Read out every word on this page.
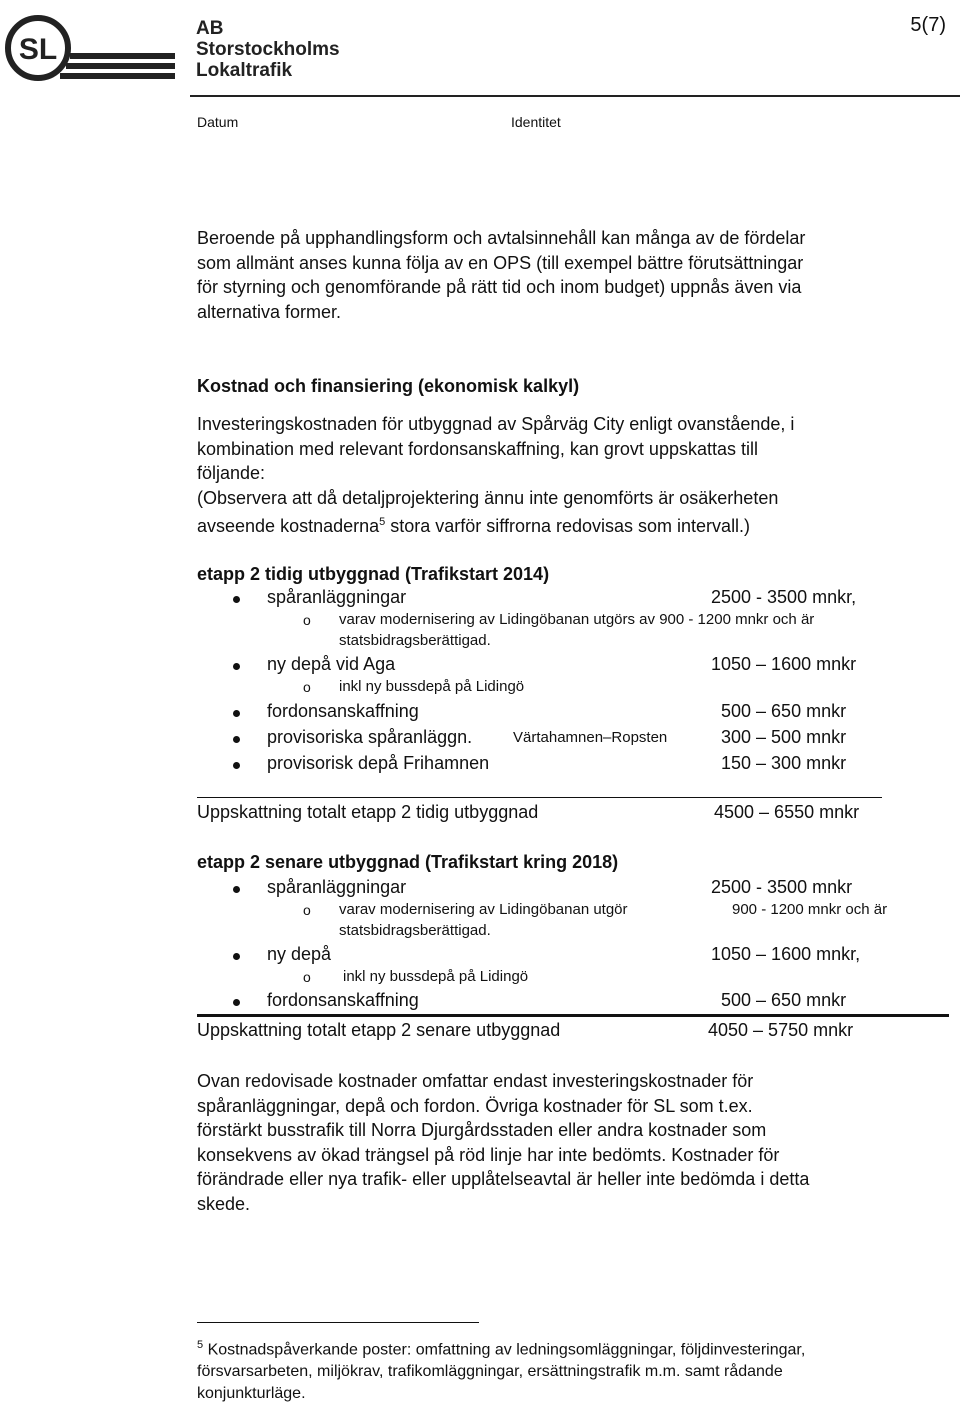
SL
AB
Storstockholms
Lokaltrafik
5(7)
Datum	Identitet
Beroende på upphandlingsform och avtalsinnehåll kan många av de fördelar
som allmänt anses kunna följa av en OPS (till exempel bättre förutsättningar
för styrning och genomförande på rätt tid och inom budget) uppnås även via
alternativa former.
Kostnad och finansiering (ekonomisk kalkyl)
Investeringskostnaden för utbyggnad av Spårväg City enligt ovanstående, i
kombination med relevant fordonsanskaffning, kan grovt uppskattas till
följande:
(Observera att då detaljprojektering ännu inte genomförts är osäkerheten
avseende kostnaderna$^5$ stora varför siffrorna redovisas som intervall.)
etapp 2 tidig utbyggnad (Trafikstart 2014)
spåranläggningar	2500 - 3500 mnkr,
o varav modernisering av Lidingöbanan utgörs av 900 - 1200 mnkr och är
statsbidragsberättigad.
ny depå vid Aga	1050 – 1600 mnkr
o inkl ny bussdepå på Lidingö
fordonsanskaffning	500 – 650 mnkr
provisoriska spåranläggn.	Värtahamnen–Ropsten	300 – 500 mnkr
provisorisk depå Frihamnen	150 – 300 mnkr
Uppskattning totalt etapp 2 tidig utbyggnad	4500 – 6550 mnkr
etapp 2 senare utbyggnad (Trafikstart kring 2018)
spåranläggningar	2500 - 3500 mnkr
o varav modernisering av Lidingöbanan utgör	900 - 1200 mnkr och är
statsbidragsberättigad.
ny depå	1050 – 1600 mnkr,
o inkl ny bussdepå på Lidingö
fordonsanskaffning	500 – 650 mnkr
Uppskattning totalt etapp 2 senare utbyggnad	4050 – 5750 mnkr
Ovan redovisade kostnader omfattar endast investeringskostnader för
spåranläggningar, depå och fordon. Övriga kostnader för SL som t.ex.
förstärkt busstrafik till Norra Djurgårdsstaden eller andra kostnader som
konsekvens av ökad trängsel på röd linje har inte bedömts. Kostnader för
förändrade eller nya trafik- eller upplåtelseavtal är heller inte bedömda i detta
skede.
$^5$ Kostnadspåverkande poster: omfattning av ledningsomläggningar, följdinvesteringar,
försvarsarbeten, miljökrav, trafikomläggningar, ersättningstrafik m.m. samt rådande
konjunkturläge.
